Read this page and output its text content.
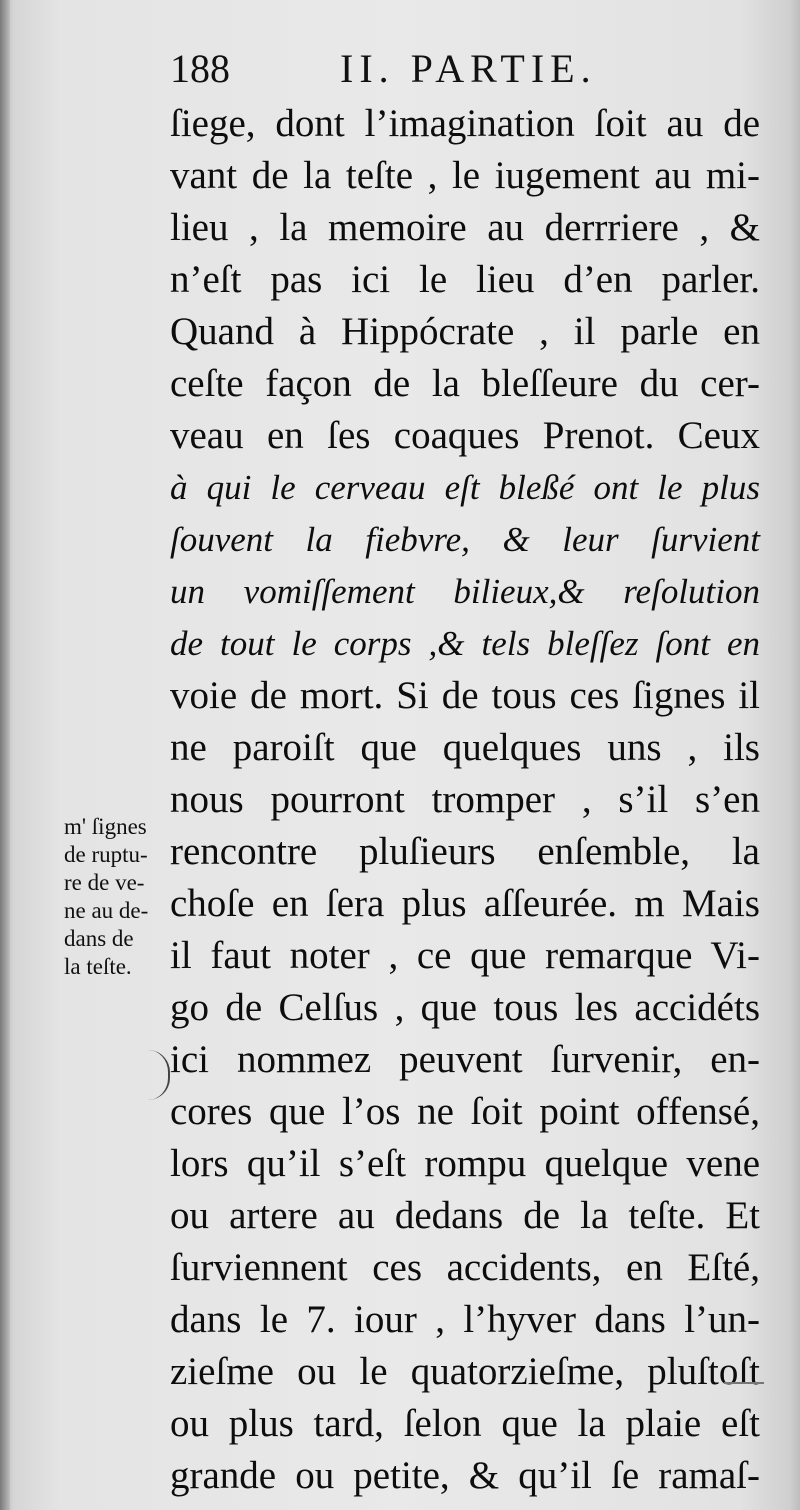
188	II. PARTIE.
ſiege, dont l’imagination ſoit au de
vant de la teſte , le iugement au mi-
lieu , la memoire au derrriere , &
n’eſt pas ici le lieu d’en parler.
Quand à Hippócrate , il parle en
ceſte façon de la bleſſeure du cer-
veau en ſes coaques Prenot. Ceux
à qui le cerveau eſt bleßé ont le plus
ſouvent la fiebvre, & leur ſurvient
un vomiſſement bilieux,& reſolution
de tout le corps ,& tels bleſſez ſont en
voie de mort. Si de tous ces ſignes il
ne paroiſt que quelques uns , ils
nous pourront tromper , s’il s’en
rencontre pluſieurs enſemble, la
choſe en ſera plus aſſeurée. m Mais
il faut noter , ce que remarque Vi-
go de Celſus , que tous les accidéts
ici nommez peuvent ſurvenir, en-
cores que l’os ne ſoit point offensé,
lors qu’il s’eſt rompu quelque vene
ou artere au dedans de la teſte. Et
ſurviennent ces accidents, en Eſté,
dans le 7. iour , l’hyver dans l’un-
zieſme ou le quatorzieſme, pluſtoſt
ou plus tard, ſelon que la plaie eſt
grande ou petite, & qu’il ſe ramaſ-
m' ſignes
de ruptu-
re de ve-
ne au de-
dans de
la teſte.
